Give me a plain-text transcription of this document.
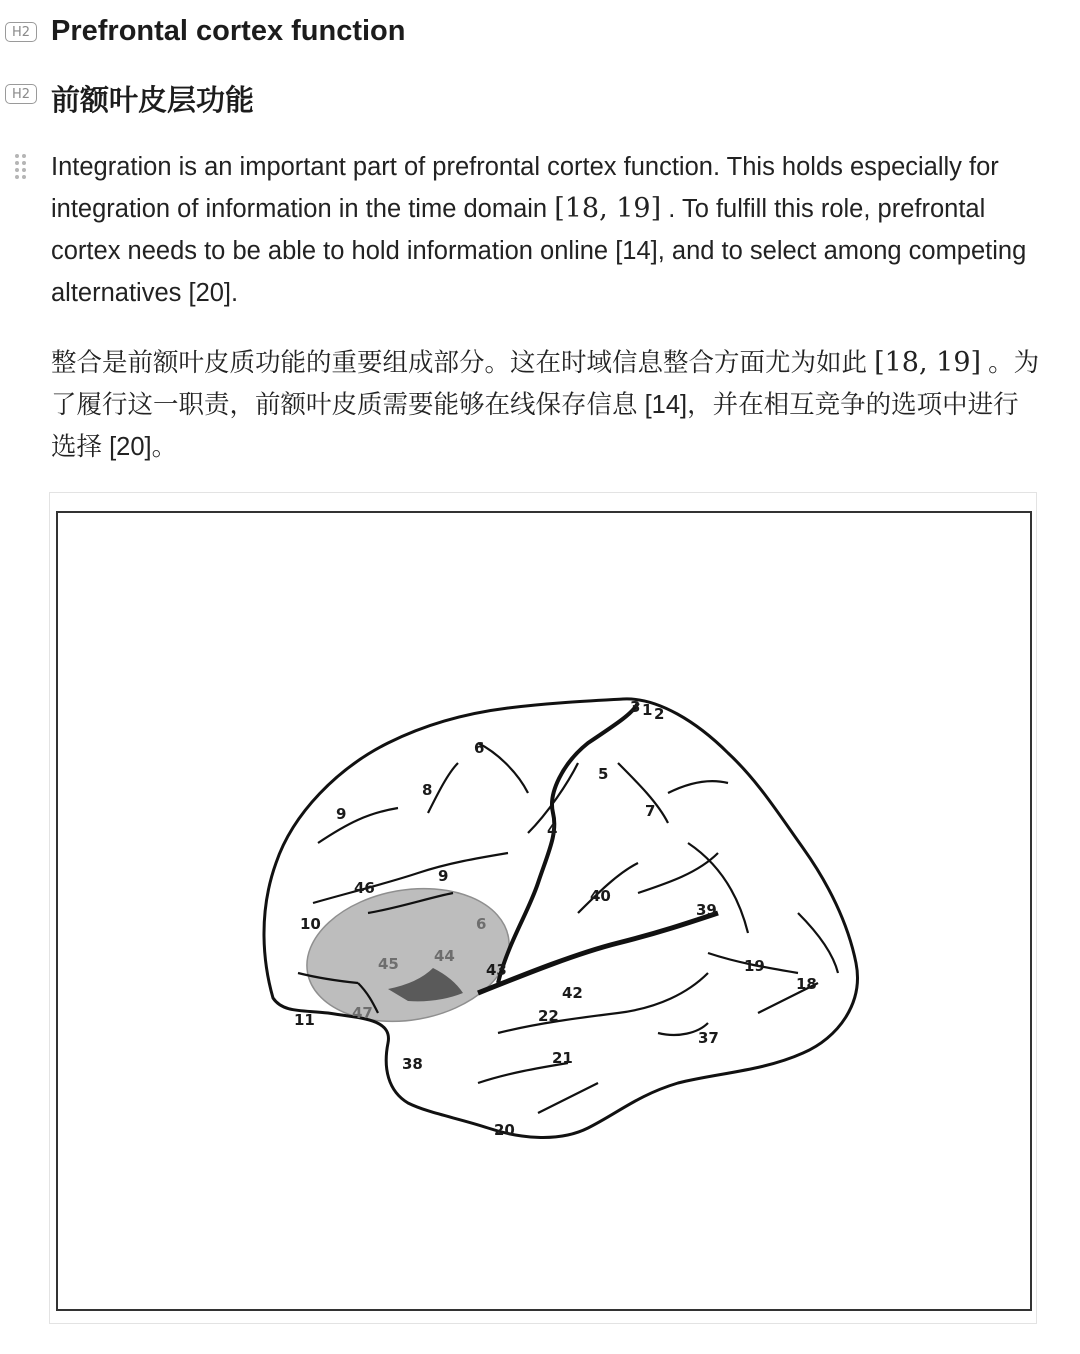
H2 Prefrontal cortex function
H2 前额叶皮层功能
Integration is an important part of prefrontal cortex function. This holds especially for integration of information in the time domain [18, 19] . To fulfill this role, prefrontal cortex needs to be able to hold information online [14], and to select among competing alternatives [20].
整合是前额叶皮质功能的重要组成部分。这在时域信息整合方面尤为如此 [18, 19] 。为了履行这一职责，前额叶皮质需要能够在线保存信息 [14]，并在相互竞争的选项中进行选择 [20]。
3 1 2
6
5
8
7
9
4
9
46	40
39
10	6
44
45	43	19
18
42
22
11 47
37
21
38
20
